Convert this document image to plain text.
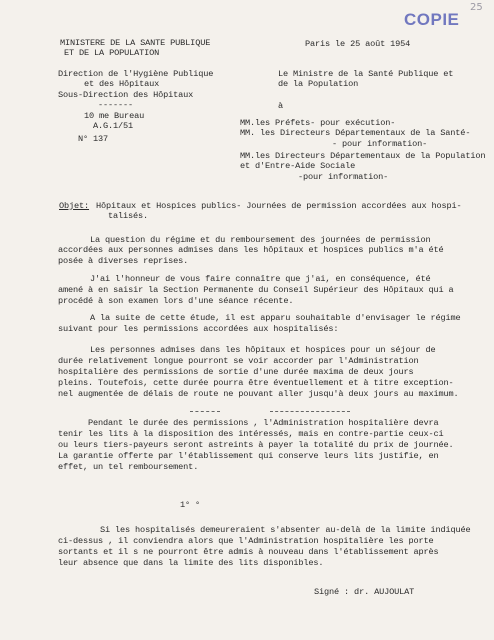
25
COPIE
MINISTERE DE LA SANTE PUBLIQUE
ET DE LA POPULATION
Direction de l'Hygiène Publique
et des Hôpitaux
Sous-Direction des Hôpitaux
-------
10 me Bureau
A.G.1/51
N° 137
Paris le 25 août 1954
Le Ministre de la Santé Publique et
de la Population
à
MM.les Préfets- pour exécution-
MM. les Directeurs Départementaux de la Santé-
- pour information-
MM.les Directeurs Départementaux de la Population
et d'Entre-Aide Sociale
-pour information-
Objet: Hôpitaux et Hospices publics- Journées de permission accordées aux hospi-
talisés.
La question du régime et du remboursement des journées de permission
accordées aux personnes admises dans les hôpitaux et hospices publics m'a été
posée à diverses reprises.
J'ai l'honneur de vous faire connaître que j'ai, en conséquence, été
amené à en saisir la Section Permanente du Conseil Supérieur des Hôpitaux qui a
procédé à son examen lors d'une séance récente.
A la suite de cette étude, il est apparu souhaitable d'envisager le régime
suivant pour les permissions accordées aux hospitalisés:
Les personnes admises dans les hôpitaux et hospices pour un séjour de
durée relativement longue pourront se voir accorder par l'Administration
hospitalière des permissions de sortie d'une durée maxima de deux jours
pleins. Toutefois, cette durée pourra être éventuellement et à titre exception-
nel augmentée de délais de route ne pouvant aller jusqu'à deux jours au maximum.
Pendant le durée des permissions , l'Administration hospitalière devra
tenir les lits à la disposition des intéressés, mais en contre-partie ceux-ci
ou leurs tiers-payeurs seront astreints à payer la totalité du prix de journée.
La garantie offerte par l'établissement qui conserve leurs lits justifie, en
effet, un tel remboursement.
1° °
Si les hospitalisés demeureraient s'absenter au-delà de la limite indiquée
ci-dessus , il conviendra alors que l'Administration hospitalière les porte
sortants et il s ne pourront être admis à nouveau dans l'établissement après
leur absence que dans la limite des lits disponibles.
Signé : dr. AUJOULAT
